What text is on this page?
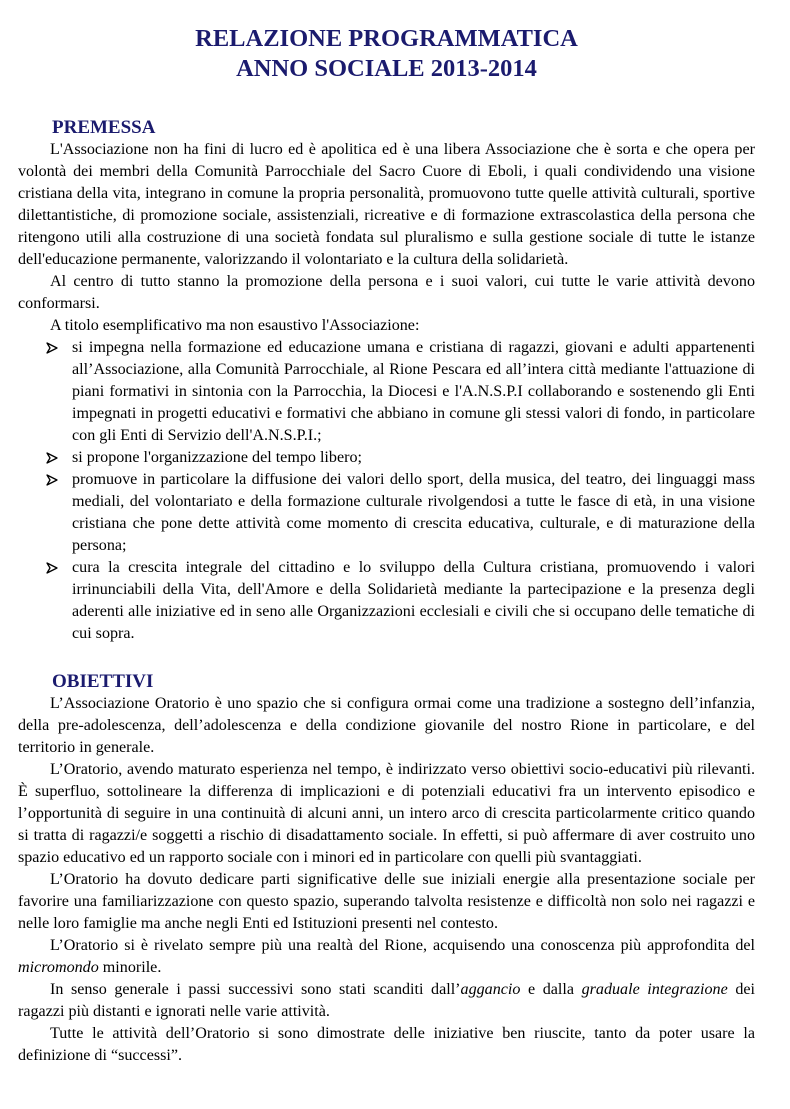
RELAZIONE PROGRAMMATICA
ANNO SOCIALE 2013-2014
PREMESSA

L'Associazione non ha fini di lucro ed è apolitica ed è una libera Associazione che è sorta e che opera per volontà dei membri della Comunità Parrocchiale del Sacro Cuore di Eboli, i quali condividendo una visione cristiana della vita, integrano in comune la propria personalità, promuovono tutte quelle attività culturali, sportive dilettantistiche, di promozione sociale, assistenziali, ricreative e di formazione extrascolastica della persona che ritengono utili alla costruzione di una società fondata sul pluralismo e sulla gestione sociale di tutte le istanze dell'educazione permanente, valorizzando il volontariato e la cultura della solidarietà.

Al centro di tutto stanno la promozione della persona e i suoi valori, cui tutte le varie attività devono conformarsi.

A titolo esemplificativo ma non esaustivo l'Associazione:

si impegna nella formazione ed educazione umana e cristiana di ragazzi, giovani e adulti appartenenti all’Associazione, alla Comunità Parrocchiale, al Rione Pescara ed all’intera città mediante l'attuazione di piani formativi in sintonia con la Parrocchia, la Diocesi e l'A.N.S.P.I collaborando e sostenendo gli Enti impegnati in progetti educativi e formativi che abbiano in comune gli stessi valori di fondo, in particolare con gli Enti di Servizio dell'A.N.S.P.I.;
si propone l'organizzazione del tempo libero;
promuove in particolare la diffusione dei valori dello sport, della musica, del teatro, dei linguaggi mass mediali, del volontariato e della formazione culturale rivolgendosi a tutte le fasce di età, in una visione cristiana che pone dette attività come momento di crescita educativa, culturale, e di maturazione della persona;
cura la crescita integrale del cittadino e lo sviluppo della Cultura cristiana, promuovendo i valori irrinunciabili della Vita, dell'Amore e della Solidarietà mediante la partecipazione e la presenza degli aderenti alle iniziative ed in seno alle Organizzazioni ecclesiali e civili che si occupano delle tematiche di cui sopra.
OBIETTIVI

L’Associazione Oratorio è uno spazio che si configura ormai come una tradizione a sostegno dell’infanzia, della pre-adolescenza, dell’adolescenza e della condizione giovanile del nostro Rione in particolare, e del territorio in generale.

L’Oratorio, avendo maturato esperienza nel tempo, è indirizzato verso obiettivi socio-educativi più rilevanti. È superfluo, sottolineare la differenza di implicazioni e di potenziali educativi fra un intervento episodico e l’opportunità di seguire in una continuità di alcuni anni, un intero arco di crescita particolarmente critico quando si tratta di ragazzi/e soggetti a rischio di disadattamento sociale. In effetti, si può affermare di aver costruito uno spazio educativo ed un rapporto sociale con i minori ed in particolare con quelli più svantaggiati.

L’Oratorio ha dovuto dedicare parti significative delle sue iniziali energie alla presentazione sociale per favorire una familiarizzazione con questo spazio, superando talvolta resistenze e difficoltà non solo nei ragazzi e nelle loro famiglie ma anche negli Enti ed Istituzioni presenti nel contesto.

L’Oratorio si è rivelato sempre più una realtà del Rione, acquisendo una conoscenza più approfondita del micromondo minorile.

In senso generale i passi successivi sono stati scanditi dall’aggancio e dalla graduale integrazione dei ragazzi più distanti e ignorati nelle varie attività.

Tutte le attività dell’Oratorio si sono dimostrate delle iniziative ben riuscite, tanto da poter usare la definizione di “successi”.
